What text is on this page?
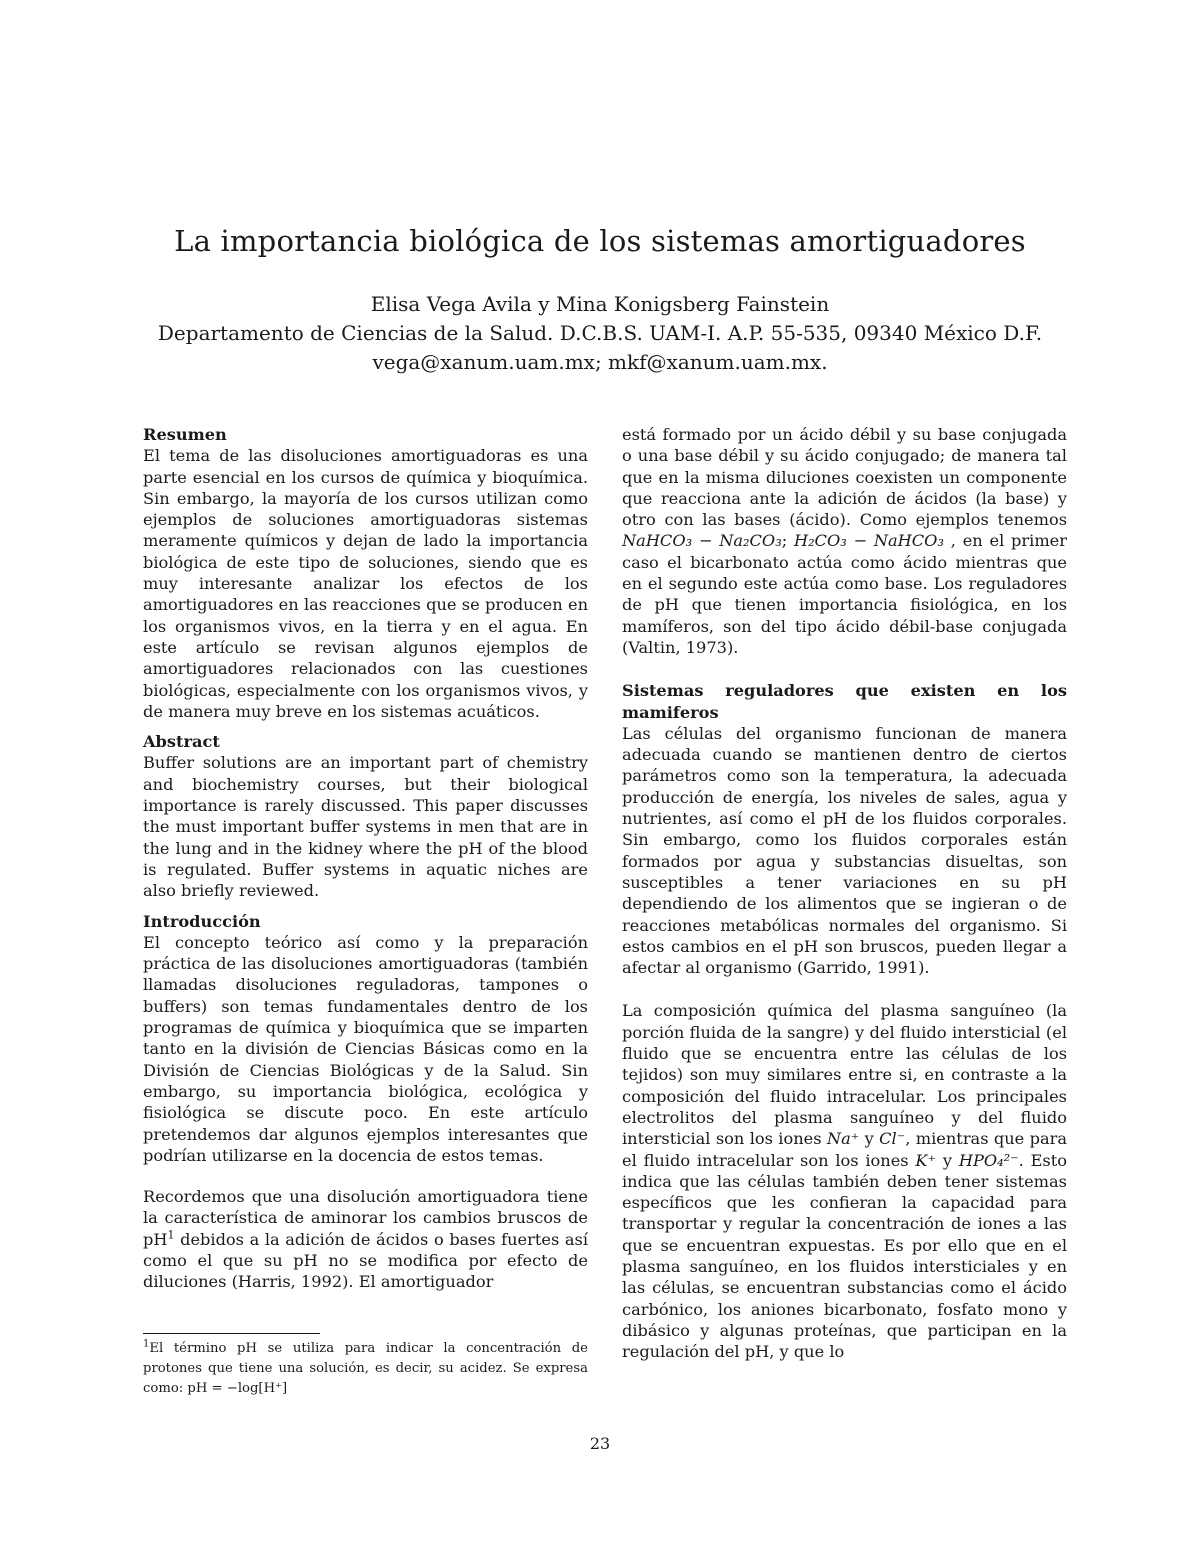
La importancia biológica de los sistemas amortiguadores
Elisa Vega Avila y Mina Konigsberg Fainstein
Departamento de Ciencias de la Salud. D.C.B.S. UAM-I. A.P. 55-535, 09340 México D.F.
vega@xanum.uam.mx; mkf@xanum.uam.mx.
Resumen

El tema de las disoluciones amortiguadoras es una parte esencial en los cursos de química y bioquímica. Sin embargo, la mayoría de los cursos utilizan como ejemplos de soluciones amortiguadoras sistemas meramente químicos y dejan de lado la importancia biológica de este tipo de soluciones, siendo que es muy interesante analizar los efectos de los amortiguadores en las reacciones que se producen en los organismos vivos, en la tierra y en el agua. En este artículo se revisan algunos ejemplos de amortiguadores relacionados con las cuestiones biológicas, especialmente con los organismos vivos, y de manera muy breve en los sistemas acuáticos.

Abstract

Buffer solutions are an important part of chemistry and biochemistry courses, but their biological importance is rarely discussed. This paper discusses the must important buffer systems in men that are in the lung and in the kidney where the pH of the blood is regulated. Buffer systems in aquatic niches are also briefly reviewed.

Introducción

El concepto teórico así como y la preparación práctica de las disoluciones amortiguadoras (también llamadas disoluciones reguladoras, tampones o buffers) son temas fundamentales dentro de los programas de química y bioquímica que se imparten tanto en la división de Ciencias Básicas como en la División de Ciencias Biológicas y de la Salud. Sin embargo, su importancia biológica, ecológica y fisiológica se discute poco. En este artículo pretendemos dar algunos ejemplos interesantes que podrían utilizarse en la docencia de estos temas.

Recordemos que una disolución amortiguadora tiene la característica de aminorar los cambios bruscos de $pH^1$ debidos a la adición de ácidos o bases fuertes así como el que su pH no se modifica por efecto de diluciones (Harris, 1992). El amortiguador

está formado por un ácido débil y su base conjugada o una base débil y su ácido conjugado; de manera tal que en la misma diluciones coexisten un componente que reacciona ante la adición de ácidos (la base) y otro con las bases (ácido). Como ejemplos tenemos NaHCO₃ − Na₂CO₃; H₂CO₃ − NaHCO₃ , en el primer caso el bicarbonato actúa como ácido mientras que en el segundo este actúa como base. Los reguladores de pH que tienen importancia fisiológica, en los mamíferos, son del tipo ácido débil-base conjugada (Valtin, 1973).

Sistemas reguladores que existen en los mamiferos

Las células del organismo funcionan de manera adecuada cuando se mantienen dentro de ciertos parámetros como son la temperatura, la adecuada producción de energía, los niveles de sales, agua y nutrientes, así como el pH de los fluidos corporales. Sin embargo, como los fluidos corporales están formados por agua y substancias disueltas, son susceptibles a tener variaciones en su pH dependiendo de los alimentos que se ingieran o de reacciones metabólicas normales del organismo. Si estos cambios en el pH son bruscos, pueden llegar a afectar al organismo (Garrido, 1991).

La composición química del plasma sanguíneo (la porción fluida de la sangre) y del fluido intersticial (el fluido que se encuentra entre las células de los tejidos) son muy similares entre si, en contraste a la composición del fluido intracelular. Los principales electrolitos del plasma sanguíneo y del fluido intersticial son los iones Na⁺ y Cl⁻, mientras que para el fluido intracelular son los iones K⁺ y HPO₄²⁻. Esto indica que las células también deben tener sistemas específicos que les confieran la capacidad para transportar y regular la concentración de iones a las que se encuentran expuestas. Es por ello que en el plasma sanguíneo, en los fluidos intersticiales y en las células, se encuentran substancias como el ácido carbónico, los aniones bicarbonato, fosfato mono y dibásico y algunas proteínas, que participan en la regulación del pH, y que lo

$^1$El término pH se utiliza para indicar la concentración de protones que tiene una solución, es decir, su acidez. Se expresa como: pH = −log[H⁺]
23
